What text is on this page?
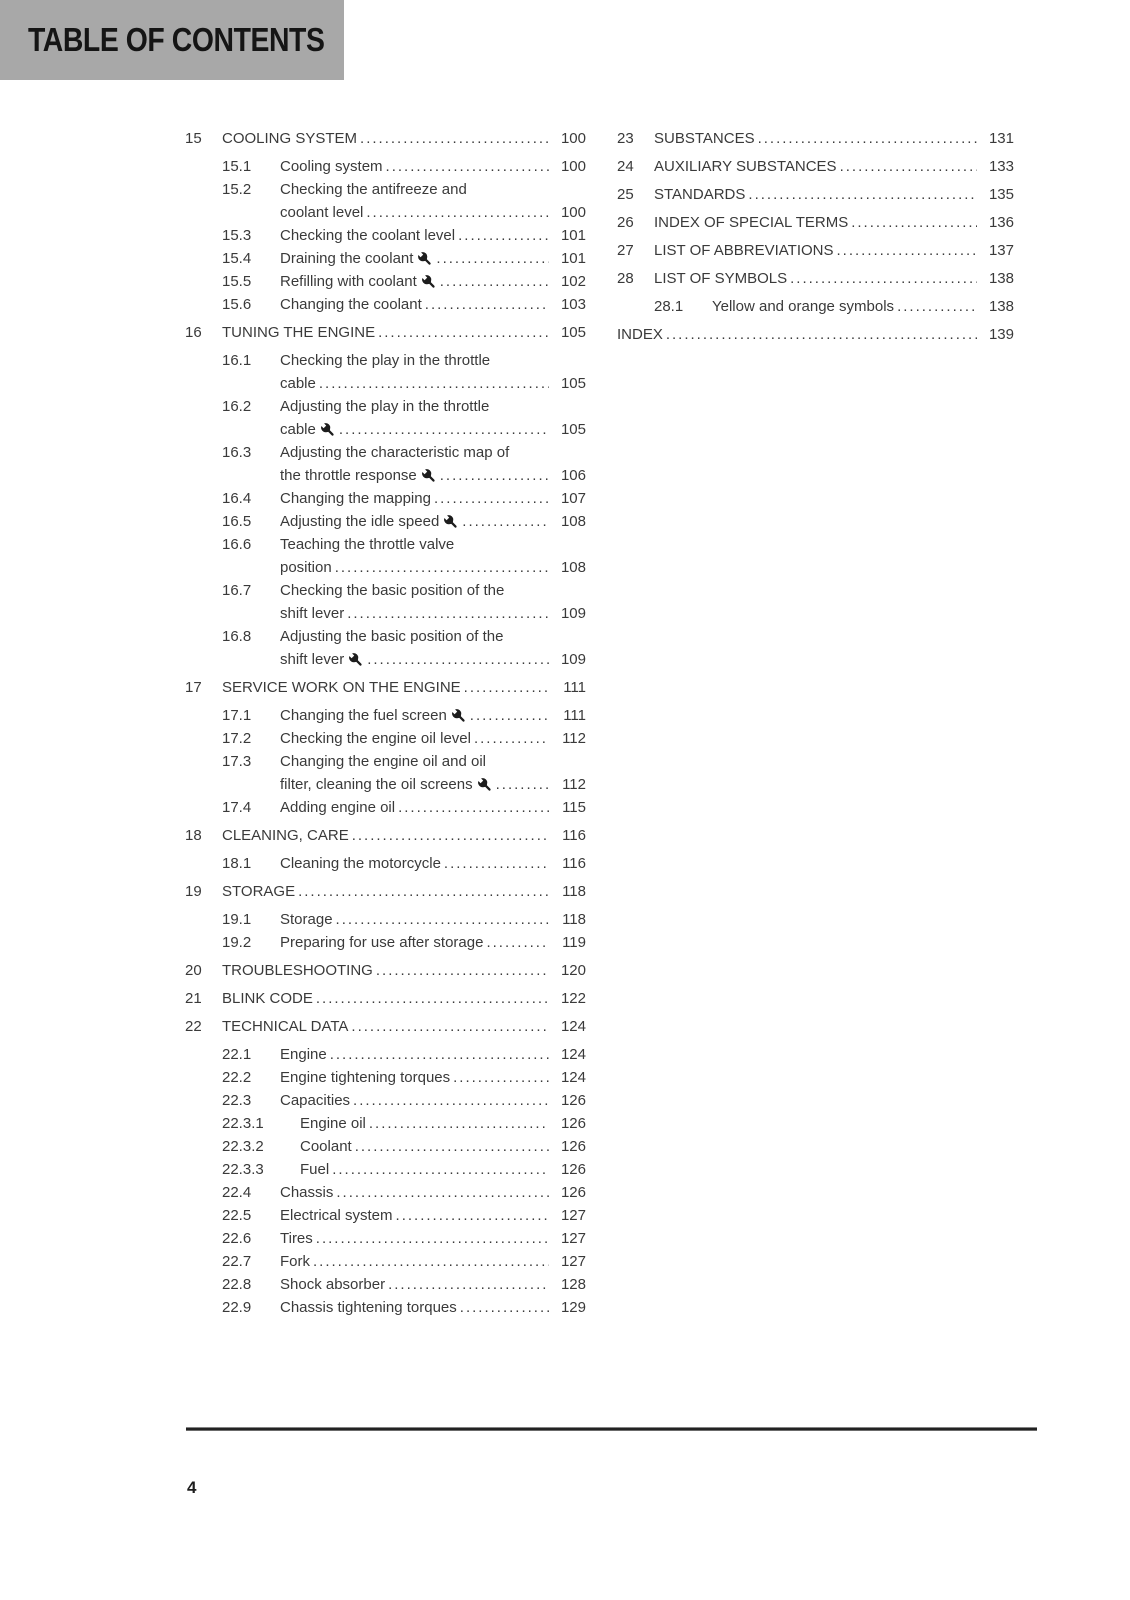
TABLE OF CONTENTS
15	COOLING SYSTEM .....	100
15.1	Cooling system .....	100
15.2	Checking the antifreeze and
coolant level .....	100
15.3	Checking the coolant level .....	101
15.4	Draining the coolant .....	101
15.5	Refilling with coolant .....	102
15.6	Changing the coolant .....	103
16	TUNING THE ENGINE .....	105
16.1	Checking the play in the throttle
cable .....	105
16.2	Adjusting the play in the throttle
cable .....	105
16.3	Adjusting the characteristic map of
the throttle response .....	106
16.4	Changing the mapping .....	107
16.5	Adjusting the idle speed .....	108
16.6	Teaching the throttle valve
position .....	108
16.7	Checking the basic position of the
shift lever .....	109
16.8	Adjusting the basic position of the
shift lever .....	109
17	SERVICE WORK ON THE ENGINE .....	111
17.1	Changing the fuel screen .....	111
17.2	Checking the engine oil level .....	112
17.3	Changing the engine oil and oil
filter, cleaning the oil screens .....	112
17.4	Adding engine oil .....	115
18	CLEANING, CARE .....	116
18.1	Cleaning the motorcycle .....	116
19	STORAGE .....	118
19.1	Storage .....	118
19.2	Preparing for use after storage .....	119
20	TROUBLESHOOTING .....	120
21	BLINK CODE .....	122
22	TECHNICAL DATA .....	124
22.1	Engine .....	124
22.2	Engine tightening torques .....	124
22.3	Capacities .....	126
22.3.1	Engine oil .....	126
22.3.2	Coolant .....	126
22.3.3	Fuel .....	126
22.4	Chassis .....	126
22.5	Electrical system .....	127
22.6	Tires .....	127
22.7	Fork .....	127
22.8	Shock absorber .....	128
22.9	Chassis tightening torques .....	129
23	SUBSTANCES .....	131
24	AUXILIARY SUBSTANCES .....	133
25	STANDARDS .....	135
26	INDEX OF SPECIAL TERMS .....	136
27	LIST OF ABBREVIATIONS .....	137
28	LIST OF SYMBOLS .....	138
28.1	Yellow and orange symbols .....	138
INDEX .....	139
4
